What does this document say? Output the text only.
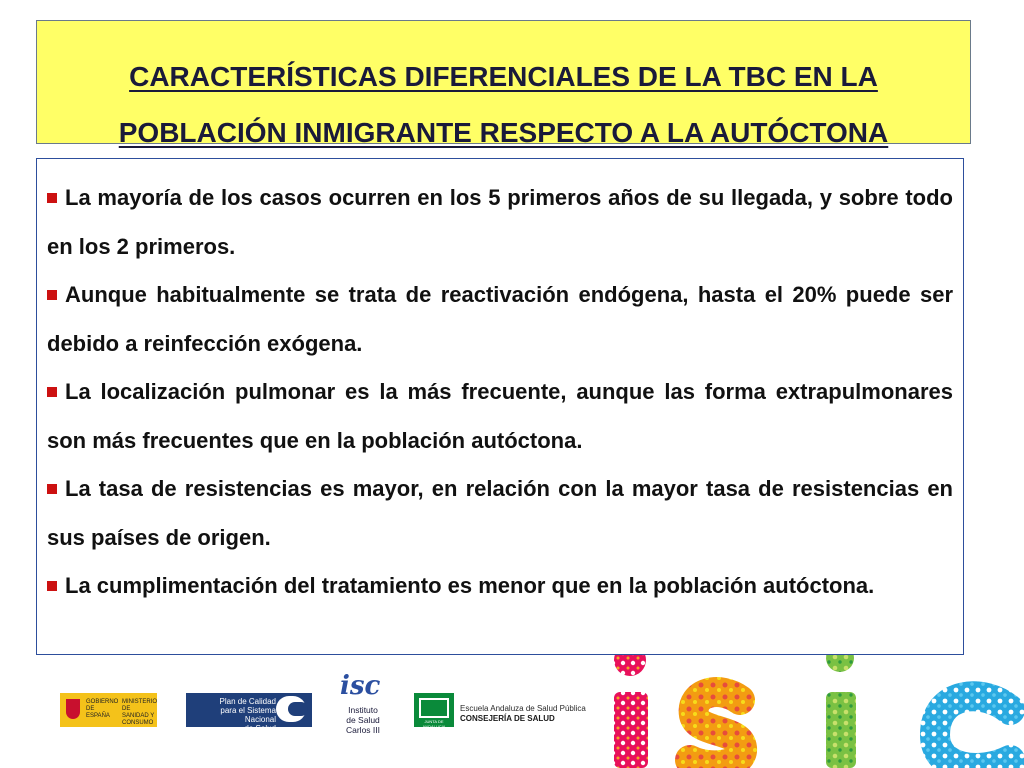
CARACTERÍSTICAS DIFERENCIALES DE LA TBC EN LA
POBLACIÓN INMIGRANTE RESPECTO A LA AUTÓCTONA
La mayoría de los casos ocurren en los 5 primeros años de su llegada, y sobre todo en los 2 primeros.
Aunque habitualmente se trata de reactivación endógena, hasta el 20% puede ser debido a reinfección exógena.
La localización pulmonar es la más frecuente, aunque las forma extrapulmonares son más frecuentes que en la población autóctona.
La tasa de resistencias es mayor, en relación con la mayor tasa de resistencias en sus países de origen.
La cumplimentación del tratamiento es menor que en la población autóctona.
GOBIERNO
DE ESPAÑA
MINISTERIO DE SANIDAD Y CONSUMO
Plan de Calidad
para el Sistema Nacional
de Salud
isc
Instituto
de Salud
Carlos III
JUNTA DE ANDALUCIA
Escuela Andaluza de Salud Pública
CONSEJERÍA DE SALUD
